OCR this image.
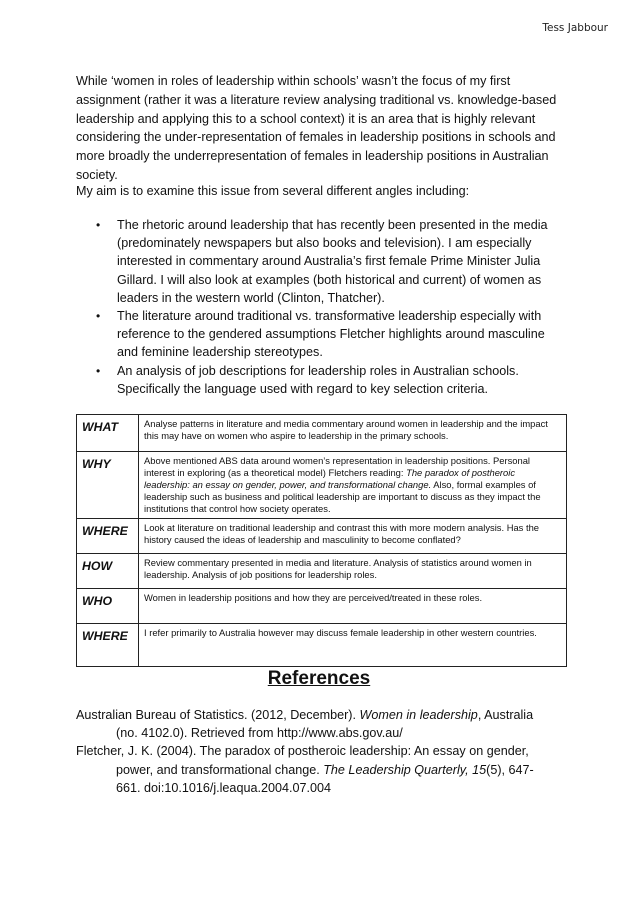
Tess Jabbour

While ‘women in roles of leadership within schools’ wasn’t the focus of my first assignment (rather it was a literature review analysing traditional vs. knowledge-based leadership and applying this to a school context) it is an area that is highly relevant considering the under-representation of females in leadership positions in schools and more broadly the underrepresentation of females in leadership positions in Australian society.

My aim is to examine this issue from several different angles including:
• The rhetoric around leadership that has recently been presented in the media (predominately newspapers but also books and television). I am especially interested in commentary around Australia’s first female Prime Minister Julia Gillard. I will also look at examples (both historical and current) of women as leaders in the western world (Clinton, Thatcher).
• The literature around traditional vs. transformative leadership especially with reference to the gendered assumptions Fletcher highlights around masculine and feminine leadership stereotypes.
• An analysis of job descriptions for leadership roles in Australian schools. Specifically the language used with regard to key selection criteria.
WHAT	Analyse patterns in literature and media commentary around women in leadership and the impact this may have on women who aspire to leadership in the primary schools.
WHY	Above mentioned ABS data around women’s representation in leadership positions. Personal interest in exploring (as a theoretical model) Fletchers reading: The paradox of postheroic leadership: an essay on gender, power, and transformational change. Also, formal examples of leadership such as business and political leadership are important to discuss as they impact the institutions that control how society operates.
WHERE	Look at literature on traditional leadership and contrast this with more modern analysis. Has the history caused the ideas of leadership and masculinity to become conflated?
HOW	Review commentary presented in media and literature. Analysis of statistics around women in leadership. Analysis of job positions for leadership roles.
WHO	Women in leadership positions and how they are perceived/treated in these roles.
WHERE	I refer primarily to Australia however may discuss female leadership in other western countries.
References

Australian Bureau of Statistics. (2012, December). Women in leadership, Australia (no. 4102.0). Retrieved from http://www.abs.gov.au/

Fletcher, J. K. (2004). The paradox of postheroic leadership: An essay on gender, power, and transformational change. The Leadership Quarterly, 15(5), 647-661. doi:10.1016/j.leaqua.2004.07.004
